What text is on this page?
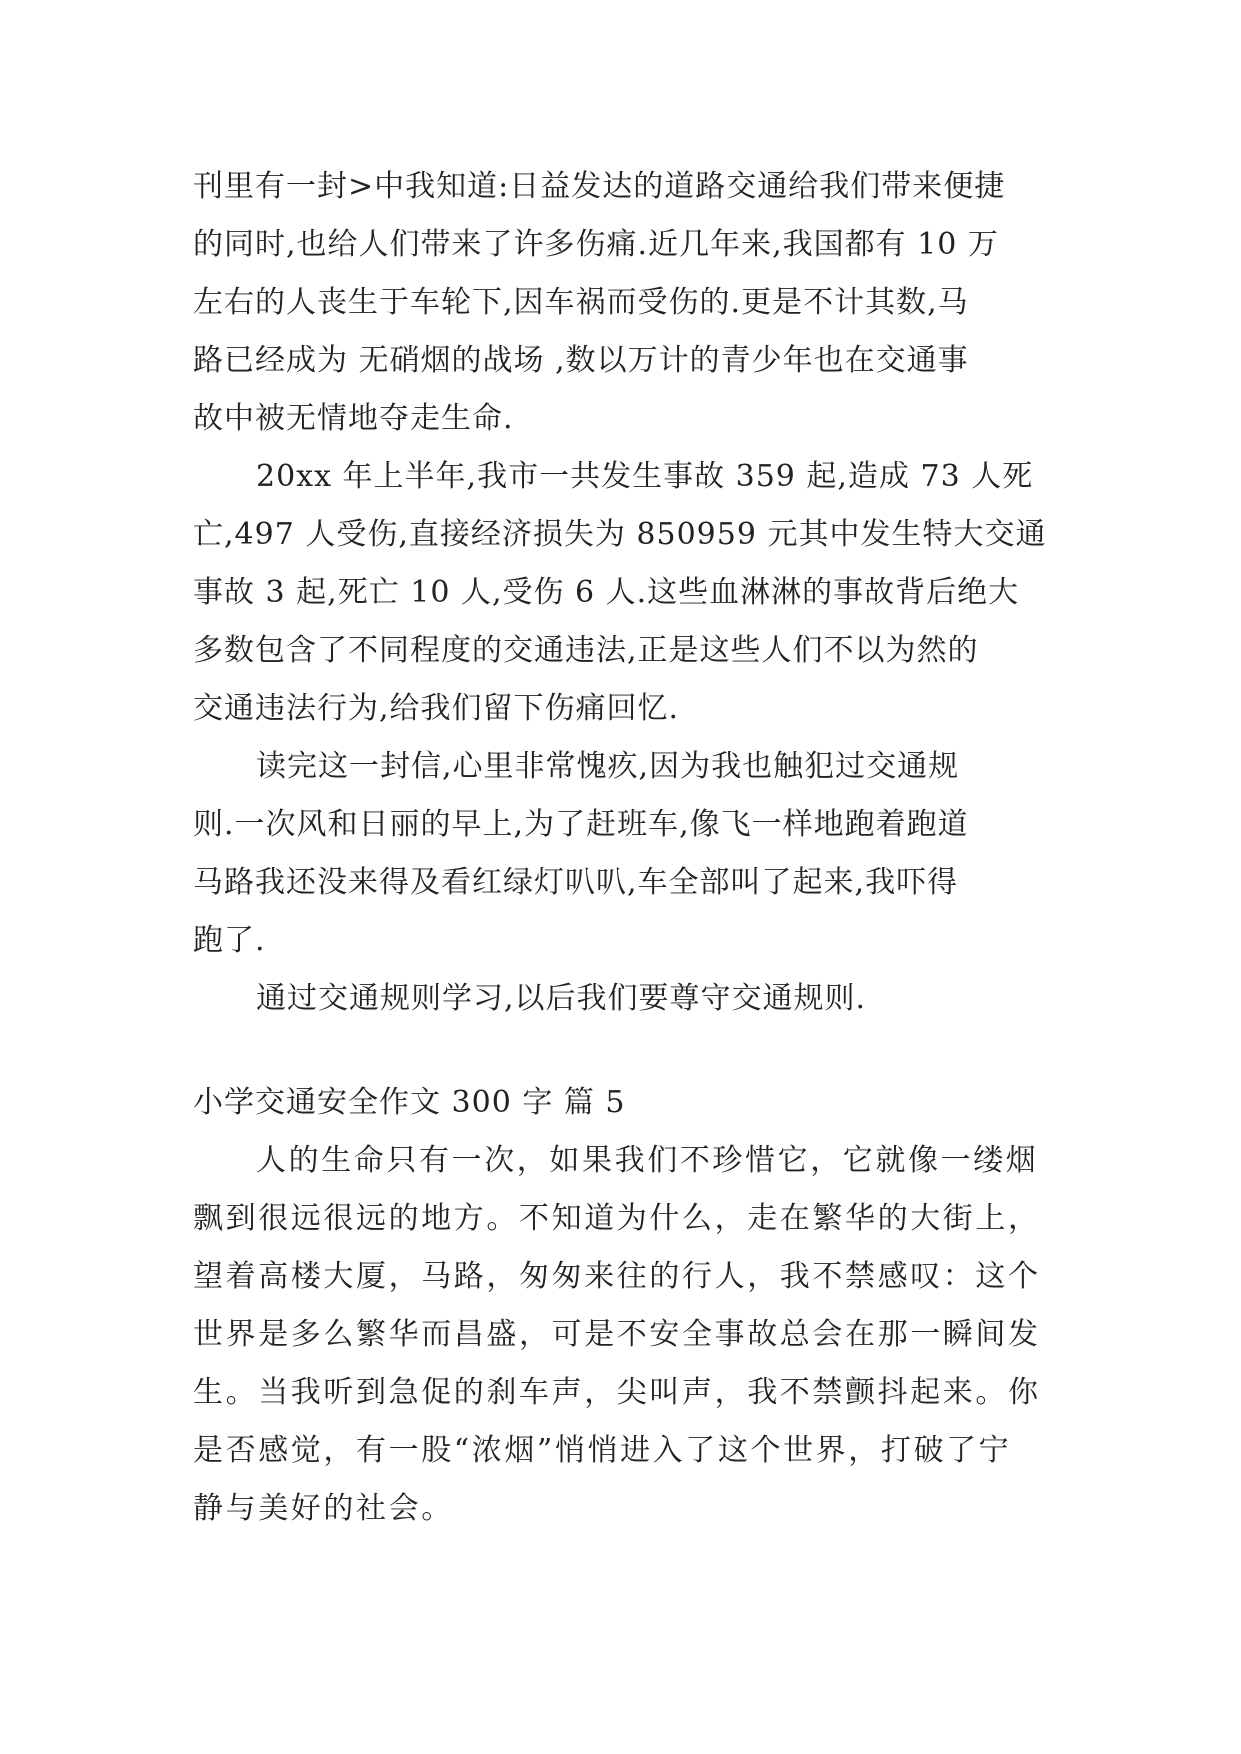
刊里有一封>中我知道:日益发达的道路交通给我们带来便捷
的同时,也给人们带来了许多伤痛.近几年来,我国都有 10 万
左右的人丧生于车轮下,因车祸而受伤的.更是不计其数,马
路已经成为 无硝烟的战场 ,数以万计的青少年也在交通事
故中被无情地夺走生命.
20xx 年上半年,我市一共发生事故 359 起,造成 73 人死
亡,497 人受伤,直接经济损失为 850959 元其中发生特大交通
事故 3 起,死亡 10 人,受伤 6 人.这些血淋淋的事故背后绝大
多数包含了不同程度的交通违法,正是这些人们不以为然的
交通违法行为,给我们留下伤痛回忆.
读完这一封信,心里非常愧疚,因为我也触犯过交通规
则.一次风和日丽的早上,为了赶班车,像飞一样地跑着跑道
马路我还没来得及看红绿灯叭叭,车全部叫了起来,我吓得
跑了.
通过交通规则学习,以后我们要尊守交通规则.
小学交通安全作文 300 字 篇 5
人的生命只有一次，如果我们不珍惜它，它就像一缕烟
飘到很远很远的地方。不知道为什么，走在繁华的大街上，
望着高楼大厦，马路，匆匆来往的行人，我不禁感叹：这个
世界是多么繁华而昌盛，可是不安全事故总会在那一瞬间发
生。当我听到急促的刹车声，尖叫声，我不禁颤抖起来。你
是否感觉，有一股“浓烟”悄悄进入了这个世界，打破了宁
静与美好的社会。
